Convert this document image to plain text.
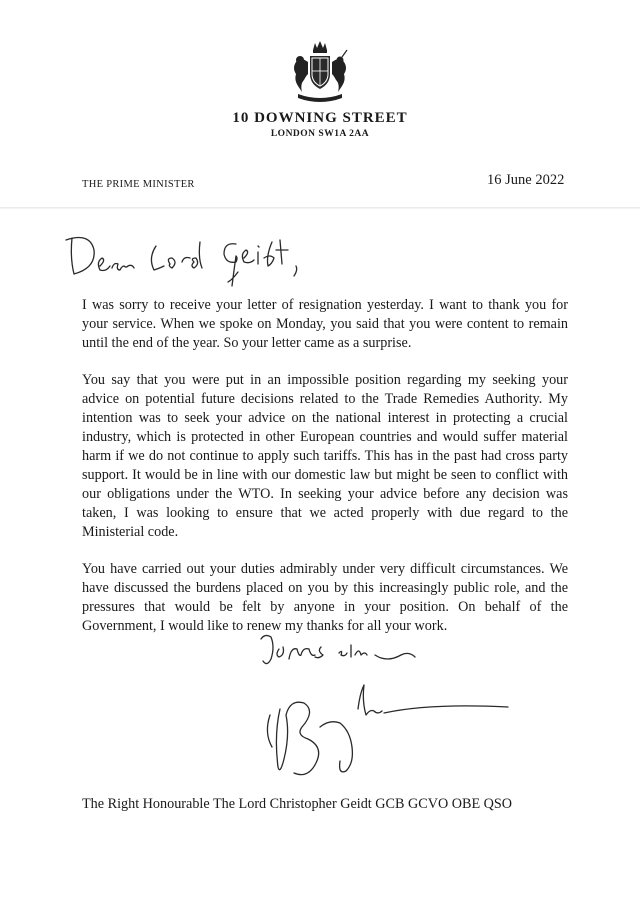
10 DOWNING STREET
LONDON SW1A 2AA
THE PRIME MINISTER	16 June 2022

I was sorry to receive your letter of resignation yesterday. I want to thank you for your service. When we spoke on Monday, you said that you were content to remain until the end of the year. So your letter came as a surprise.

You say that you were put in an impossible position regarding my seeking your advice on potential future decisions related to the Trade Remedies Authority. My intention was to seek your advice on the national interest in protecting a crucial industry, which is protected in other European countries and would suffer material harm if we do not continue to apply such tariffs. This has in the past had cross party support. It would be in line with our domestic law but might be seen to conflict with our obligations under the WTO. In seeking your advice before any decision was taken, I was looking to ensure that we acted properly with due regard to the Ministerial code.

You have carried out your duties admirably under very difficult circumstances. We have discussed the burdens placed on you by this increasingly public role, and the pressures that would be felt by anyone in your position. On behalf of the Government, I would like to renew my thanks for all your work.

The Right Honourable The Lord Christopher Geidt GCB GCVO OBE QSO
